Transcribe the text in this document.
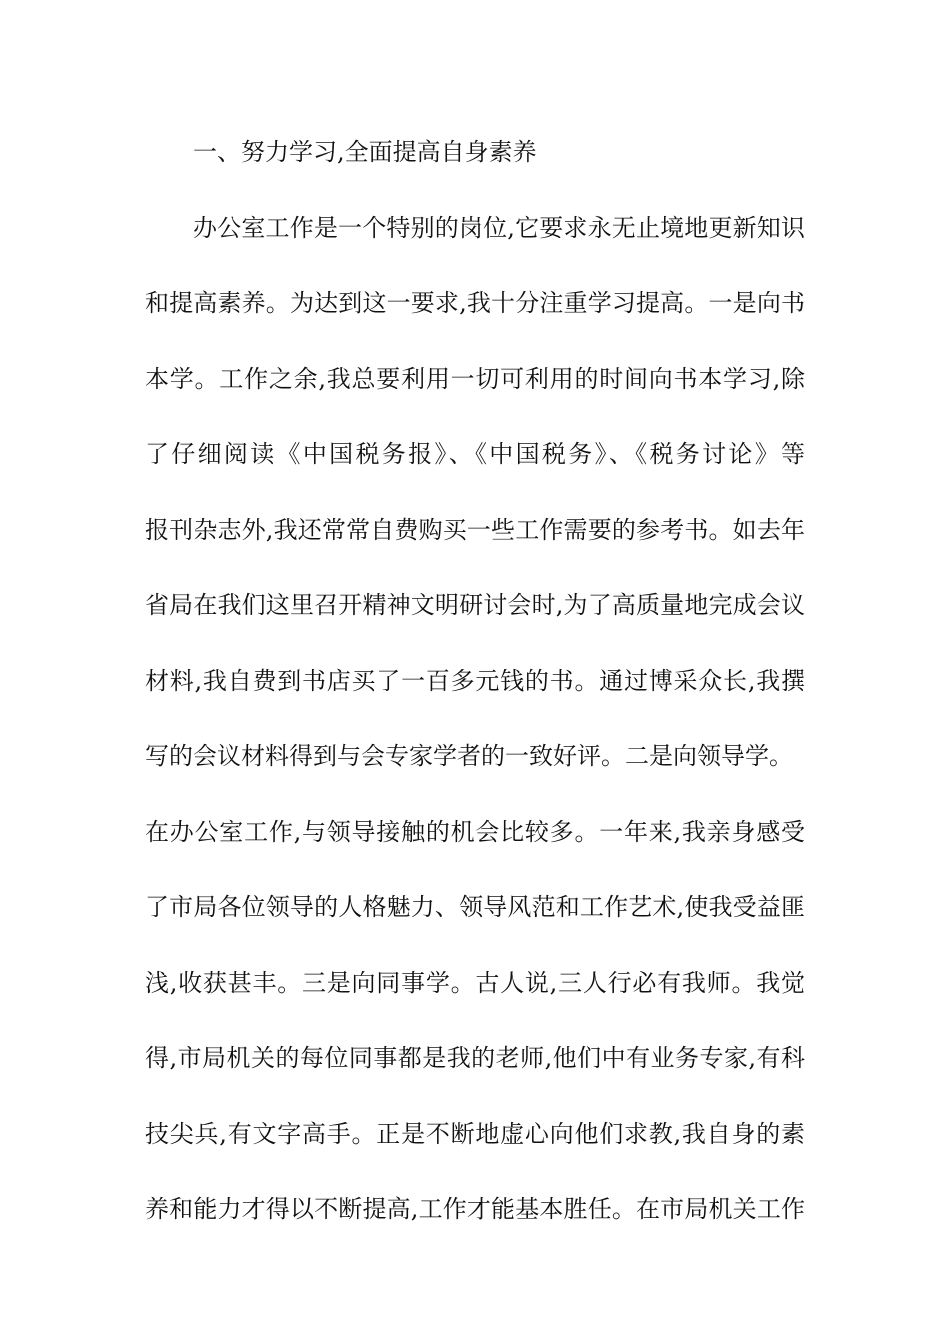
一、努力学习,全面提高自身素养
办公室工作是一个特别的岗位,它要求永无止境地更新知识
和提高素养。为达到这一要求,我十分注重学习提高。一是向书
本学。工作之余,我总要利用一切可利用的时间向书本学习,除
了仔细阅读《中国税务报》、《中国税务》、《税务讨论》等
报刊杂志外,我还常常自费购买一些工作需要的参考书。如去年
省局在我们这里召开精神文明研讨会时,为了高质量地完成会议
材料,我自费到书店买了一百多元钱的书。通过博采众长,我撰
写的会议材料得到与会专家学者的一致好评。二是向领导学。
在办公室工作,与领导接触的机会比较多。一年来,我亲身感受
了市局各位领导的人格魅力、领导风范和工作艺术,使我受益匪
浅,收获甚丰。三是向同事学。古人说,三人行必有我师。我觉
得,市局机关的每位同事都是我的老师,他们中有业务专家,有科
技尖兵,有文字高手。正是不断地虚心向他们求教,我自身的素
养和能力才得以不断提高,工作才能基本胜任。在市局机关工作
